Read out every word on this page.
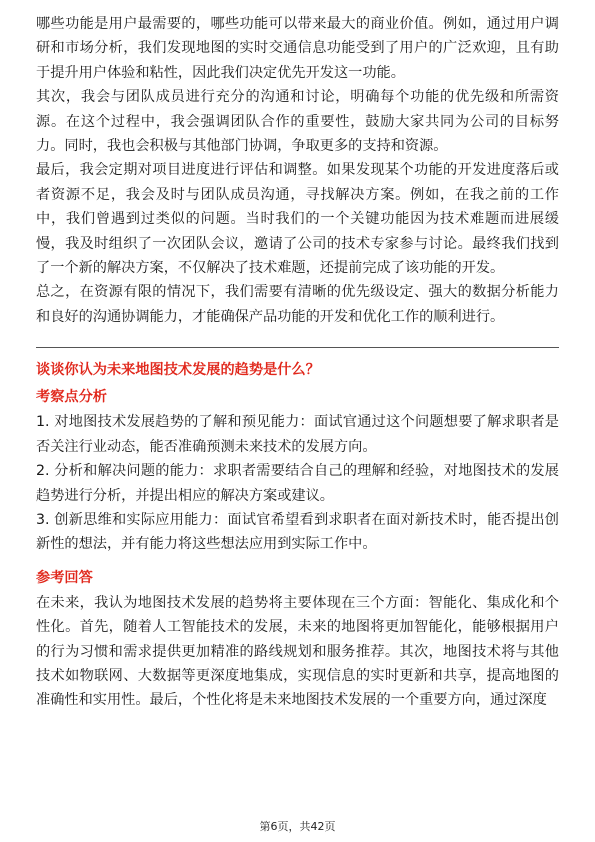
哪些功能是用户最需要的，哪些功能可以带来最大的商业价值。例如，通过用户调研和市场分析，我们发现地图的实时交通信息功能受到了用户的广泛欢迎，且有助于提升用户体验和粘性，因此我们决定优先开发这一功能。

其次，我会与团队成员进行充分的沟通和讨论，明确每个功能的优先级和所需资源。在这个过程中，我会强调团队合作的重要性，鼓励大家共同为公司的目标努力。同时，我也会积极与其他部门协调，争取更多的支持和资源。

最后，我会定期对项目进度进行评估和调整。如果发现某个功能的开发进度落后或者资源不足，我会及时与团队成员沟通，寻找解决方案。例如，在我之前的工作中，我们曾遇到过类似的问题。当时我们的一个关键功能因为技术难题而进展缓慢，我及时组织了一次团队会议，邀请了公司的技术专家参与讨论。最终我们找到了一个新的解决方案，不仅解决了技术难题，还提前完成了该功能的开发。

总之，在资源有限的情况下，我们需要有清晰的优先级设定、强大的数据分析能力和良好的沟通协调能力，才能确保产品功能的开发和优化工作的顺利进行。

谈谈你认为未来地图技术发展的趋势是什么？
考察点分析

1. 对地图技术发展趋势的了解和预见能力：面试官通过这个问题想要了解求职者是否关注行业动态，能否准确预测未来技术的发展方向。

2. 分析和解决问题的能力：求职者需要结合自己的理解和经验，对地图技术的发展趋势进行分析，并提出相应的解决方案或建议。

3. 创新思维和实际应用能力：面试官希望看到求职者在面对新技术时，能否提出创新性的想法，并有能力将这些想法应用到实际工作中。

参考回答

在未来，我认为地图技术发展的趋势将主要体现在三个方面：智能化、集成化和个性化。首先，随着人工智能技术的发展，未来的地图将更加智能化，能够根据用户的行为习惯和需求提供更加精准的路线规划和服务推荐。其次，地图技术将与其他技术如物联网、大数据等更深度地集成，实现信息的实时更新和共享，提高地图的准确性和实用性。最后，个性化将是未来地图技术发展的一个重要方向，通过深度

第6页，共42页
